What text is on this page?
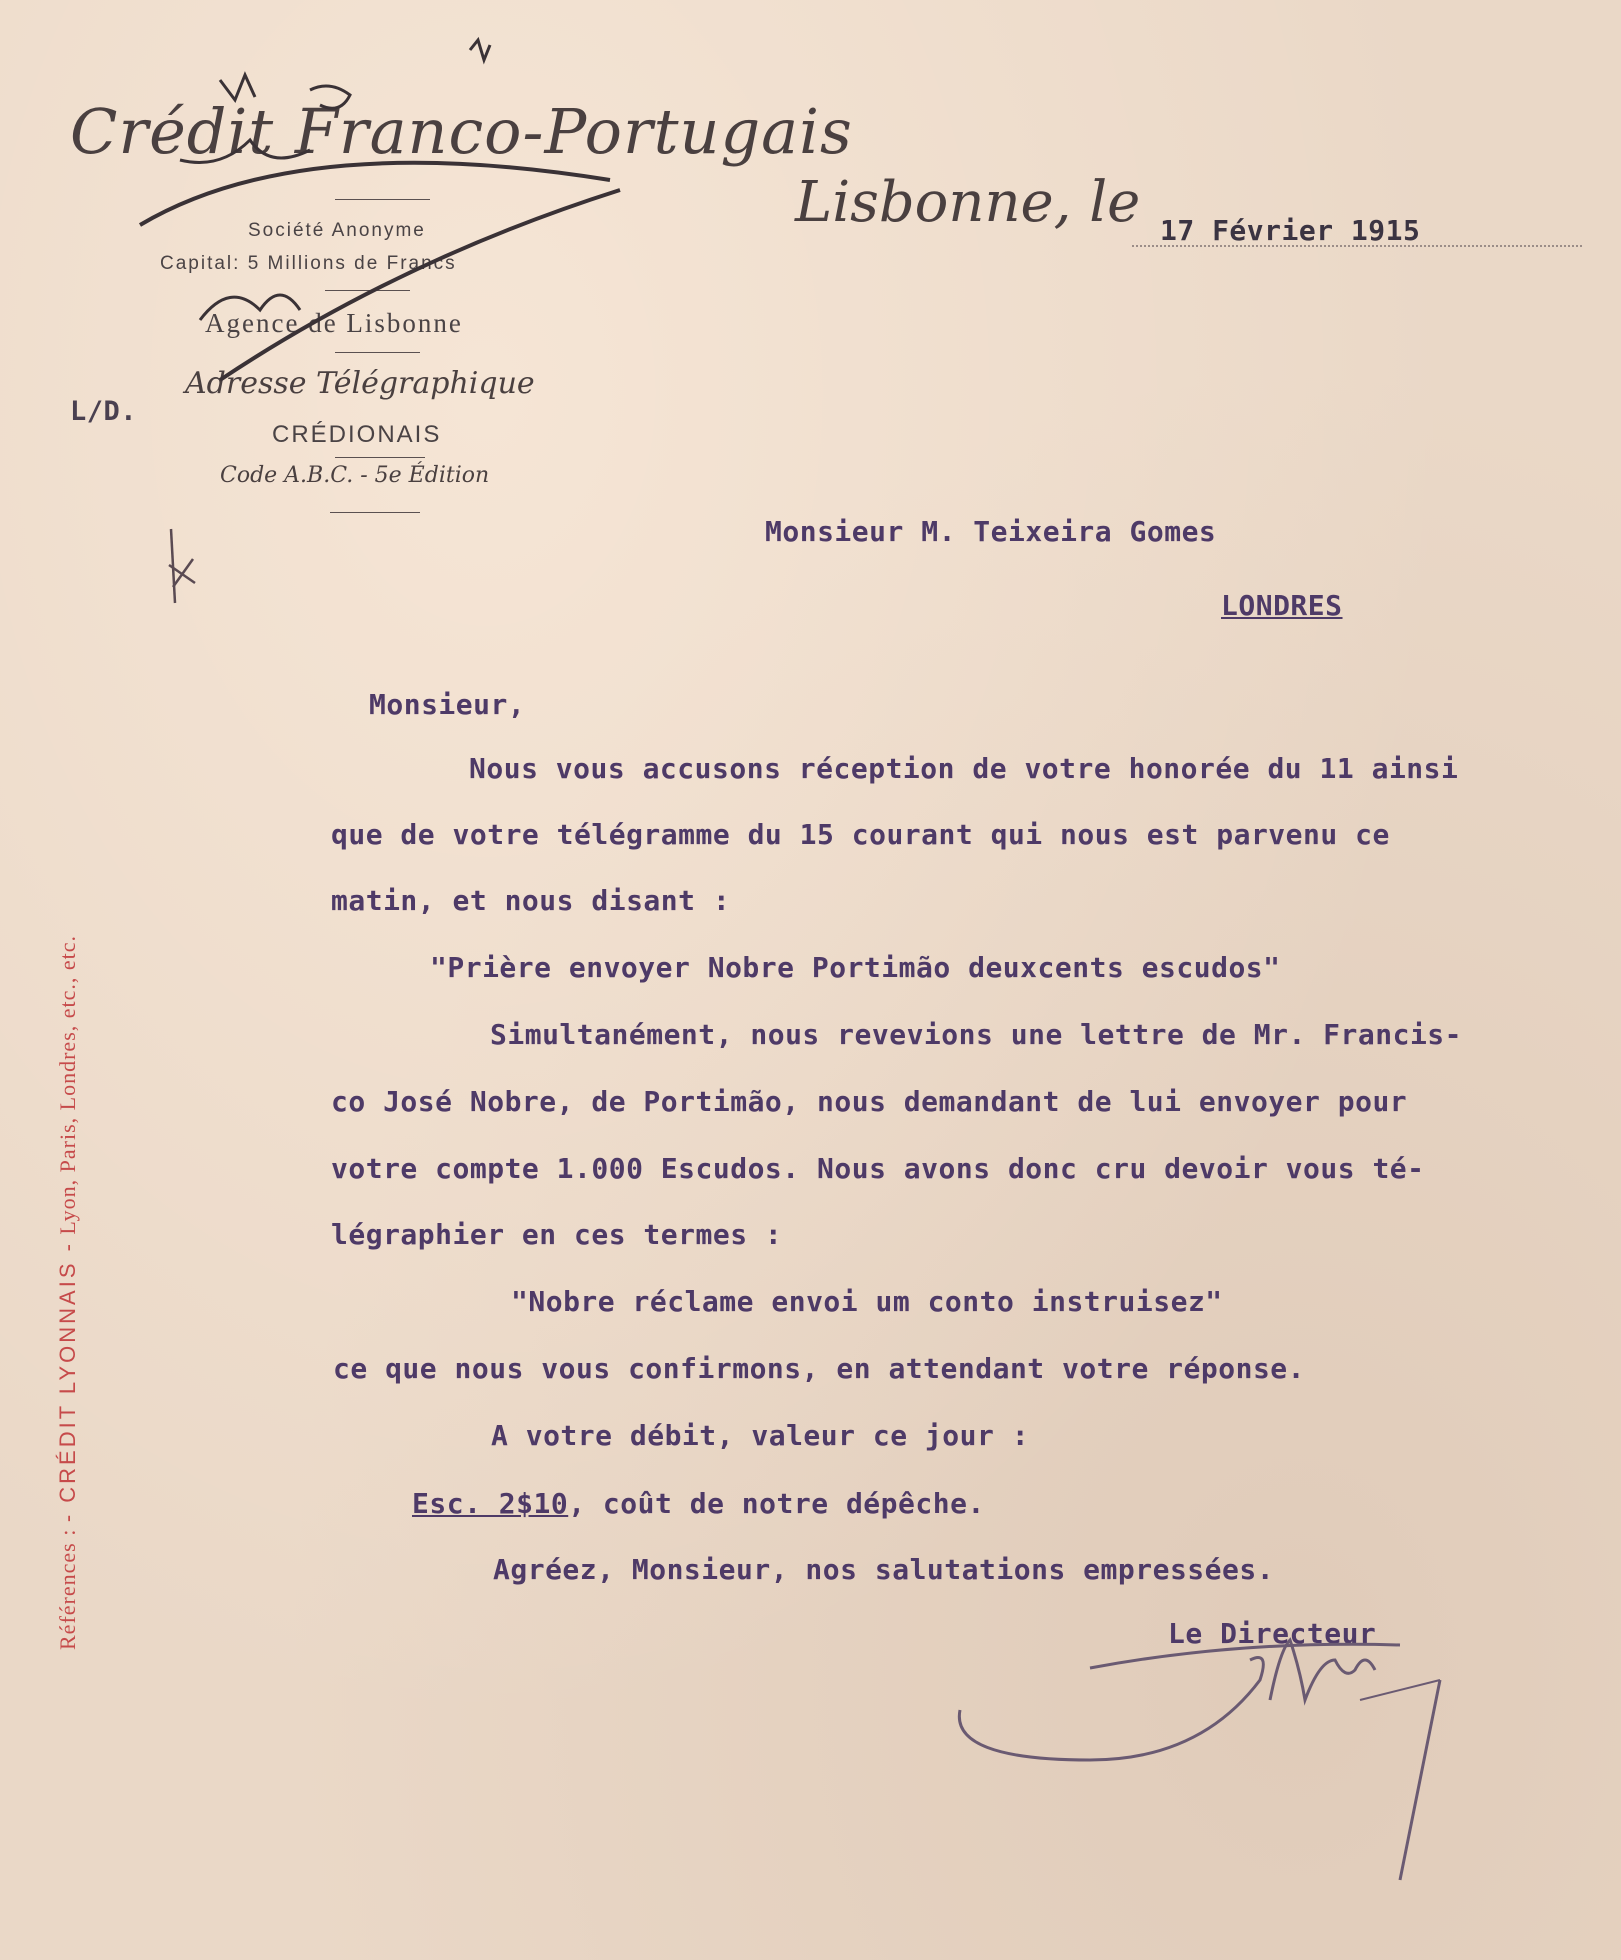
Crédit Franco-Portugais
Société Anonyme
Capital: 5 Millions de Francs
Agence de Lisbonne
Adresse Télégraphique
CRÉDIONAIS
Code A.B.C. - 5e Édition
Lisbonne, le 17 Février 1915
L/D.
Monsieur M. Teixeira Gomes
LONDRES
Monsieur,
Nous vous accusons réception de votre honorée du 11 ainsi
que de votre télégramme du 15 courant qui nous est parvenu ce
matin, et nous disant :
"Prière envoyer Nobre Portimão deuxcents escudos"
Simultanément, nous revevions une lettre de Mr. Francis-
co José Nobre, de Portimão, nous demandant de lui envoyer pour
votre compte 1.000 Escudos. Nous avons donc cru devoir vous té-
légraphier en ces termes :
"Nobre réclame envoi um conto instruisez"
ce que nous vous confirmons, en attendant votre réponse.
A votre débit, valeur ce jour :
Esc. 2$10, coût de notre dépêche.
Agréez, Monsieur, nos salutations empressées.
Le Directeur
Références : - CRÉDIT LYONNAIS - Lyon, Paris, Londres, etc., etc.
